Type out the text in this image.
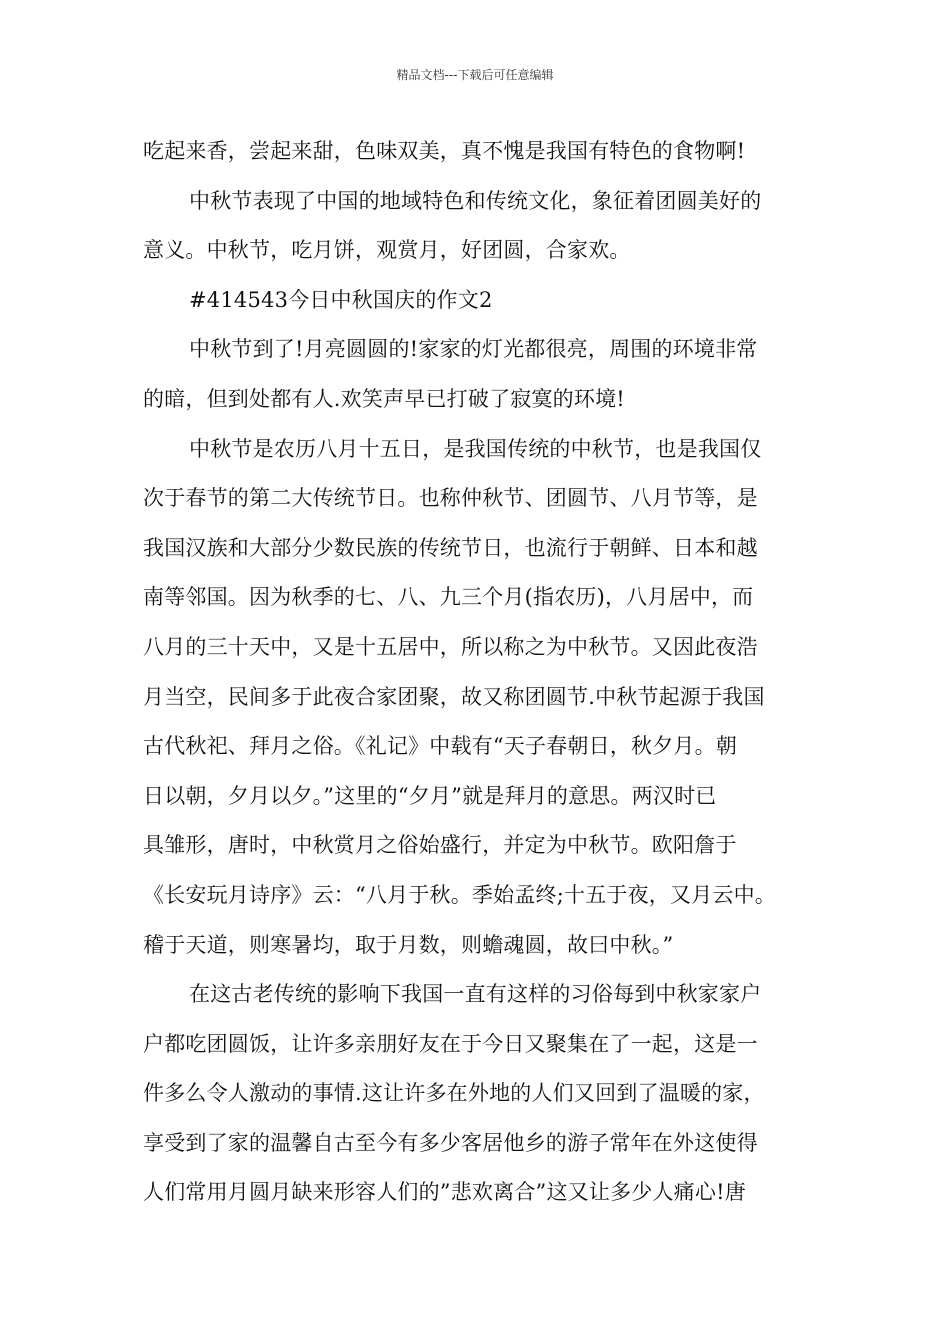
精品文档---下载后可任意编辑
吃起来香，尝起来甜，色味双美，真不愧是我国有特色的食物啊!
中秋节表现了中国的地域特色和传统文化，象征着团圆美好的
意义。中秋节，吃月饼，观赏月，好团圆，合家欢。
#414543今日中秋国庆的作文2
中秋节到了!月亮圆圆的!家家的灯光都很亮，周围的环境非常
的暗，但到处都有人.欢笑声早已打破了寂寞的环境!
中秋节是农历八月十五日，是我国传统的中秋节，也是我国仅
次于春节的第二大传统节日。也称仲秋节、团圆节、八月节等，是
我国汉族和大部分少数民族的传统节日，也流行于朝鲜、日本和越
南等邻国。因为秋季的七、八、九三个月(指农历)，八月居中，而
八月的三十天中，又是十五居中，所以称之为中秋节。又因此夜浩
月当空，民间多于此夜合家团聚，故又称团圆节.中秋节起源于我国
古代秋祀、拜月之俗。《礼记》中载有“天子春朝日，秋夕月。朝
日以朝，夕月以夕。”这里的“夕月”就是拜月的意思。两汉时已
具雏形，唐时，中秋赏月之俗始盛行，并定为中秋节。欧阳詹于
《长安玩月诗序》云：“八月于秋。季始孟终;十五于夜，又月云中。
稽于天道，则寒暑均，取于月数，则蟾魂圆，故曰中秋。”
在这古老传统的影响下我国一直有这样的习俗每到中秋家家户
户都吃团圆饭，让许多亲朋好友在于今日又聚集在了一起，这是一
件多么令人激动的事情.这让许多在外地的人们又回到了温暖的家，
享受到了家的温馨自古至今有多少客居他乡的游子常年在外这使得
人们常用月圆月缺来形容人们的”悲欢离合”这又让多少人痛心!唐
